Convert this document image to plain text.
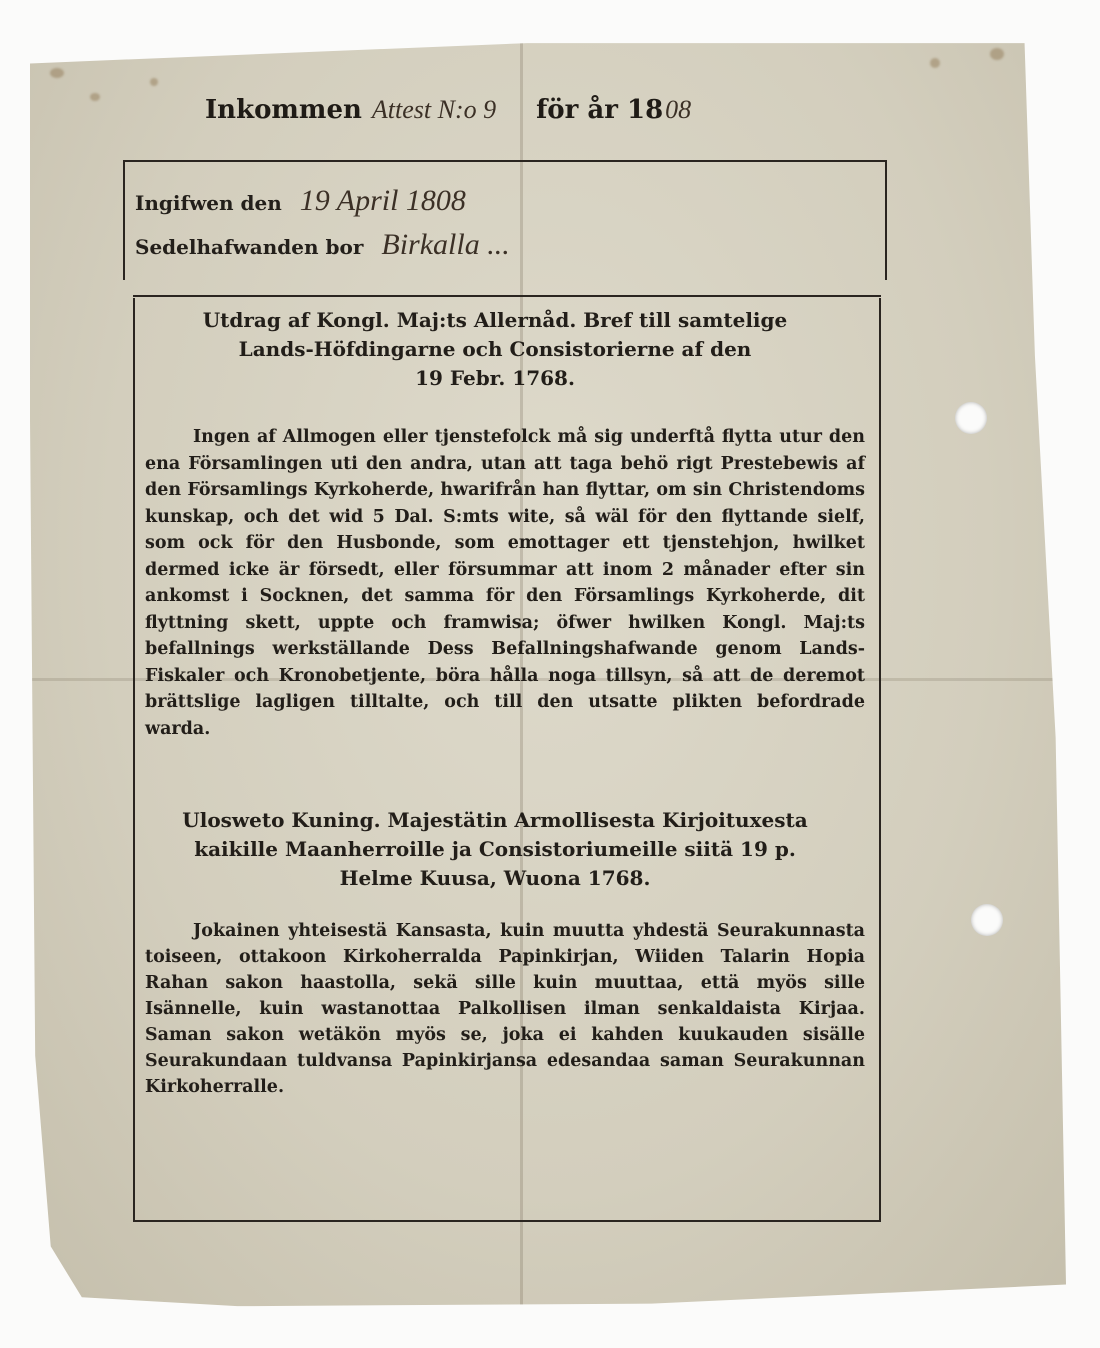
Inkommen Attest N:o 9 för år 18 08
Ingifwen den 19 April 1808
Sedelhafwanden bor Birkalla ...
Utdrag af Kongl. Maj:ts Allernåd. Bref till samtelige
Lands-Höfdingarne och Consistorierne af den
19 Febr. 1768.
Ingen af Allmogen eller tjenstefolck må sig underftå flytta utur den ena Församlingen uti den andra, utan att taga behö rigt Prestebewis af den Församlings Kyrkoherde, hwarifrån han flyttar, om sin Christendoms kunskap, och det wid 5 Dal. S:mts wite, så wäl för den flyttande sielf, som ock för den Husbonde, som emottager ett tjenstehjon, hwilket dermed icke är försedt, eller försummar att inom 2 månader efter sin ankomst i Socknen, det samma för den Församlings Kyrkoherde, dit flyttning skett, uppte och framwisa; öfwer hwilken Kongl. Maj:ts befallnings werkställande Dess Befallningshafwande genom Lands-Fiskaler och Kronobetjente, böra hålla noga tillsyn, så att de deremot brättslige lagligen tilltalte, och till den utsatte plikten befordrade warda.
Ulosweto Kuning. Majestätin Armollisesta Kirjoituxesta
kaikille Maanherroille ja Consistoriumeille siitä 19 p.
Helme Kuusa, Wuona 1768.
Jokainen yhteisestä Kansasta, kuin muutta yhdestä Seurakunnasta toiseen, ottakoon Kirkoherralda Papinkirjan, Wiiden Talarin Hopia Rahan sakon haastolla, sekä sille kuin muuttaa, että myös sille Isännelle, kuin wastanottaa Palkollisen ilman senkaldaista Kirjaa. Saman sakon wetäkön myös se, joka ei kahden kuukauden sisälle Seurakundaan tuldvansa Papinkirjansa edesandaa saman Seurakunnan Kirkoherralle.
